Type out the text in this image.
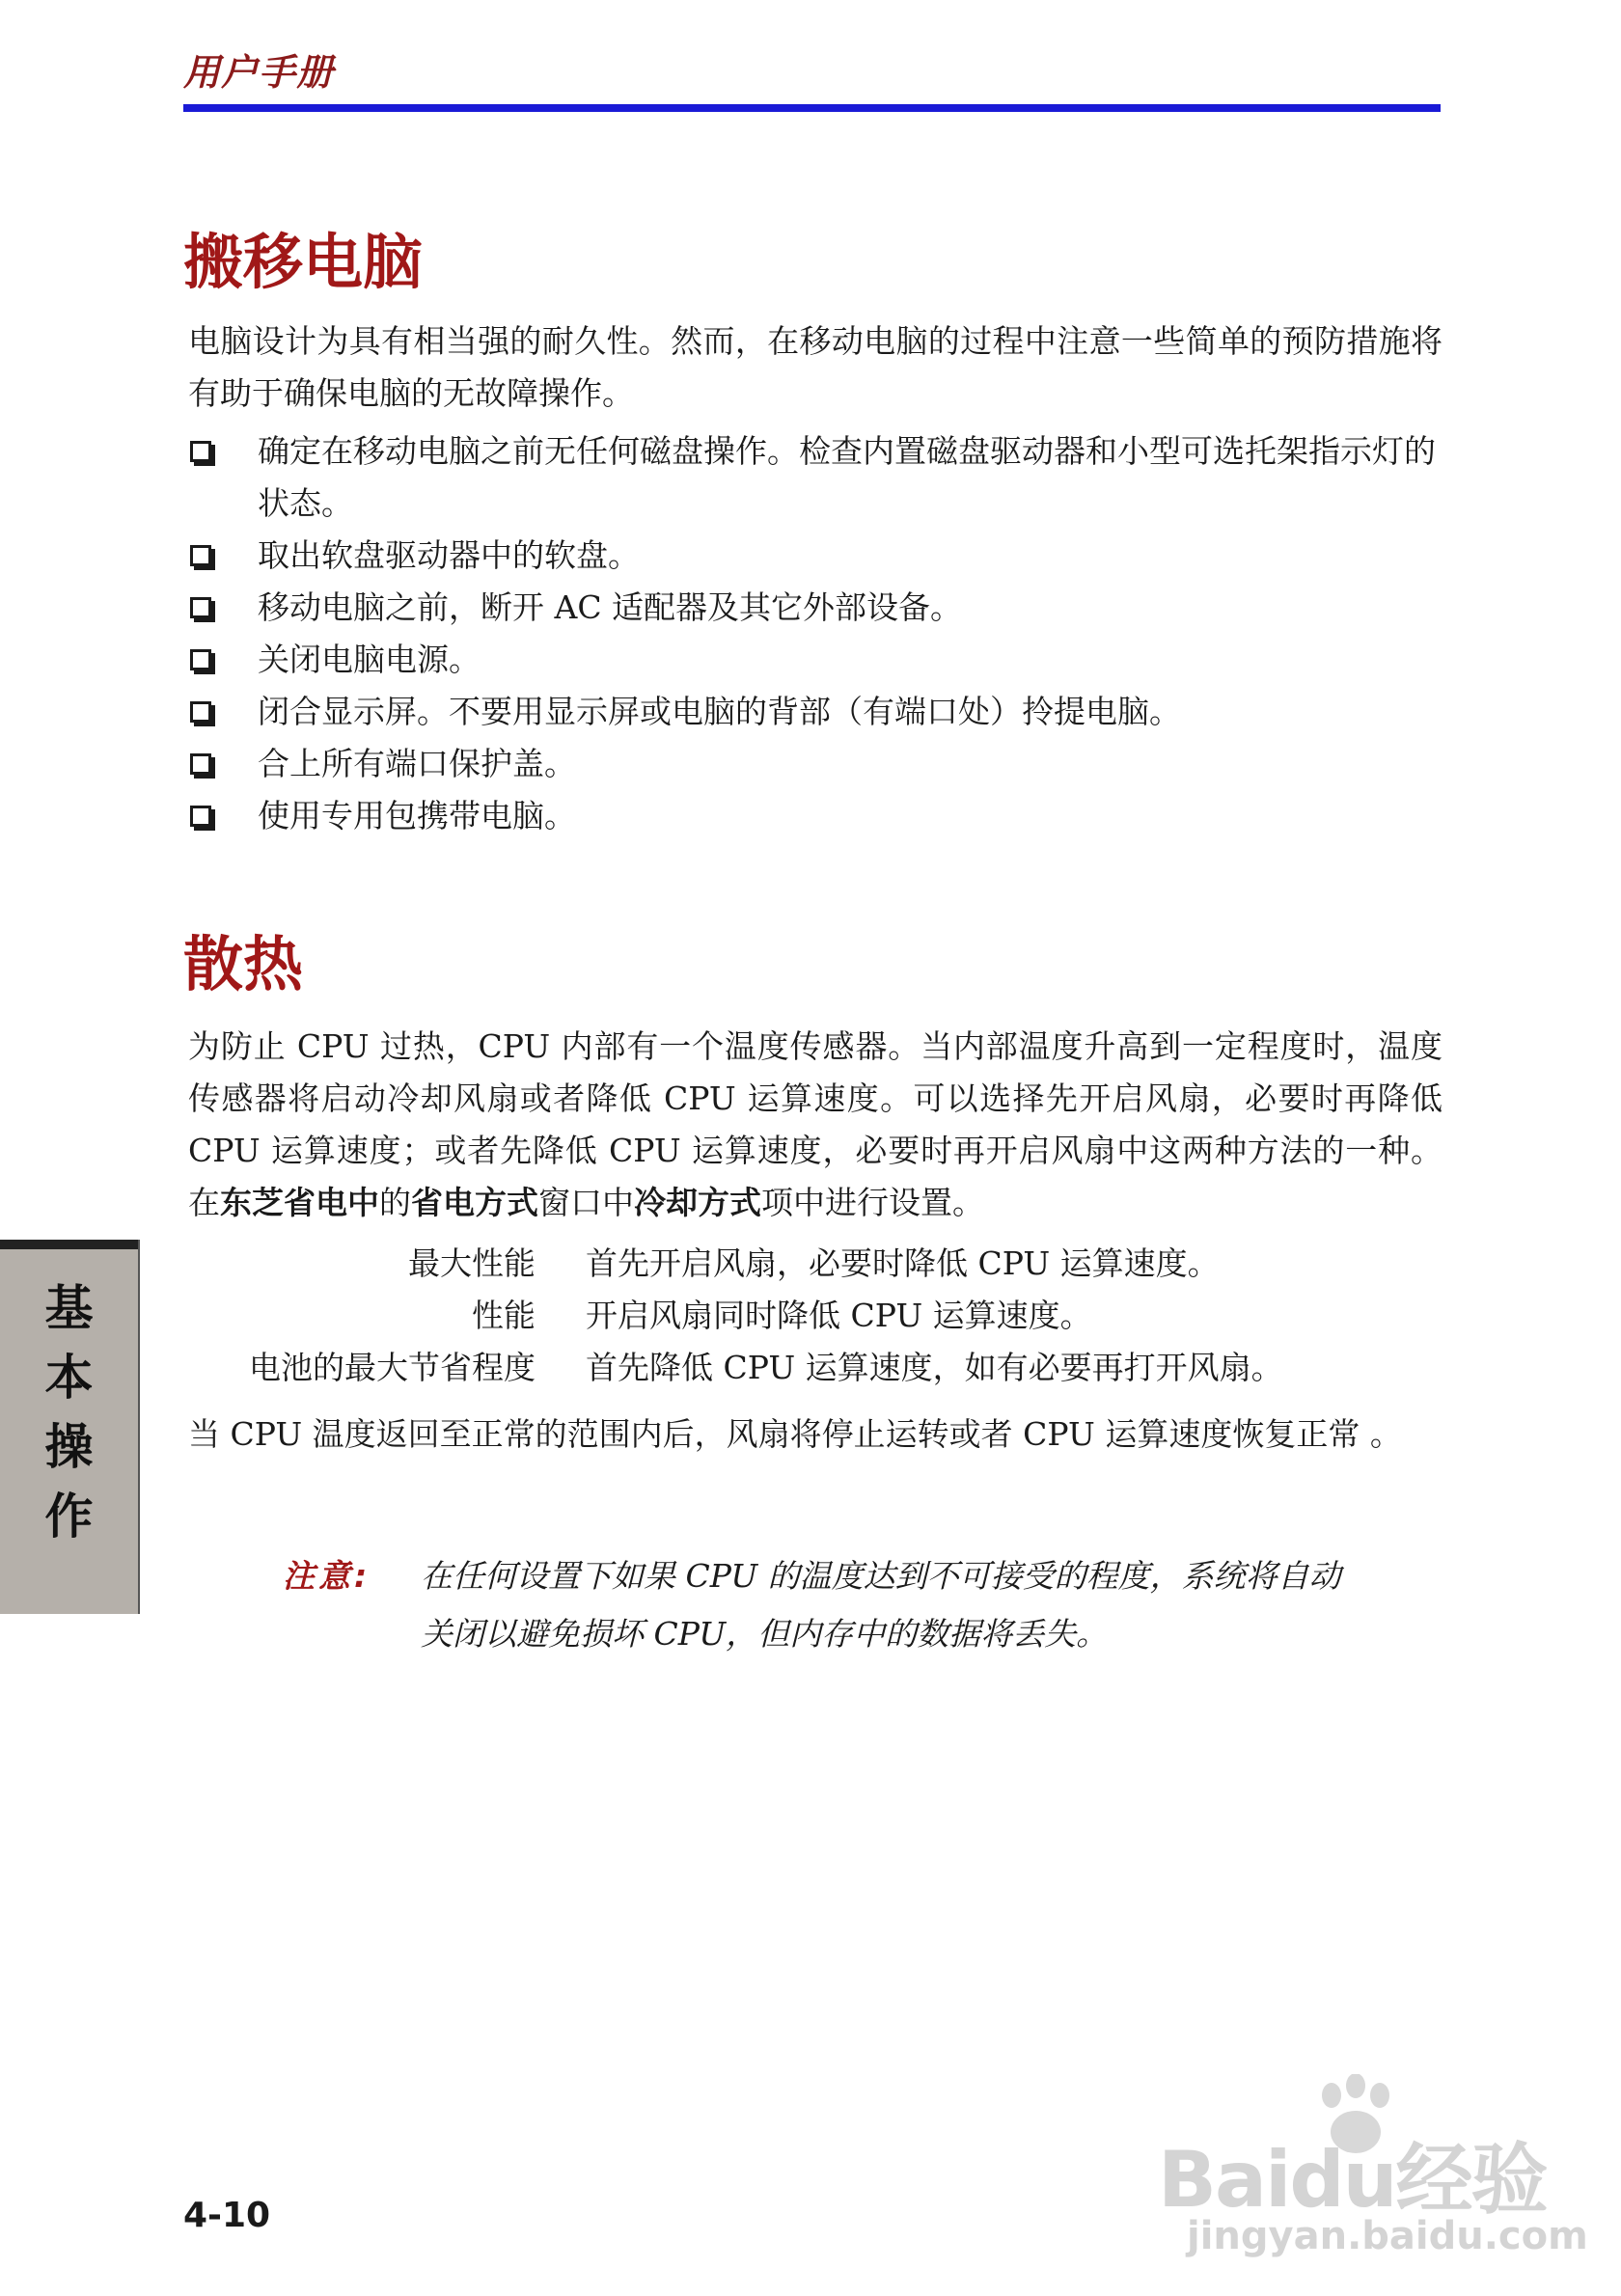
用户手册
搬移电脑

电脑设计为具有相当强的耐久性。然而，在移动电脑的过程中注意一些简单的预防措施将有助于确保电脑的无故障操作。

确定在移动电脑之前无任何磁盘操作。检查内置磁盘驱动器和小型可选托架指示灯的状态。
取出软盘驱动器中的软盘。
移动电脑之前，断开 AC 适配器及其它外部设备。
关闭电脑电源。
闭合显示屏。不要用显示屏或电脑的背部（有端口处）拎提电脑。
合上所有端口保护盖。
使用专用包携带电脑。
散热

为防止 CPU 过热，CPU 内部有一个温度传感器。当内部温度升高到一定程度时，温度传感器将启动冷却风扇或者降低 CPU 运算速度。可以选择先开启风扇，必要时再降低 CPU 运算速度；或者先降低 CPU 运算速度，必要时再开启风扇中这两种方法的一种。在东芝省电中的省电方式窗口中冷却方式项中进行设置。

最大性能 首先开启风扇，必要时降低 CPU 运算速度。
性能 开启风扇同时降低 CPU 运算速度。
电池的最大节省程度 首先降低 CPU 运算速度，如有必要再打开风扇。

当 CPU 温度返回至正常的范围内后，风扇将停止运转或者 CPU 运算速度恢复正常 。

注意:	在任何设置下如果 CPU 的温度达到不可接受的程度，系统将自动关闭以避免损坏 CPU，但内存中的数据将丢失。
基
本
操
作
4-10	Baidu经验
jingyan.baidu.com
